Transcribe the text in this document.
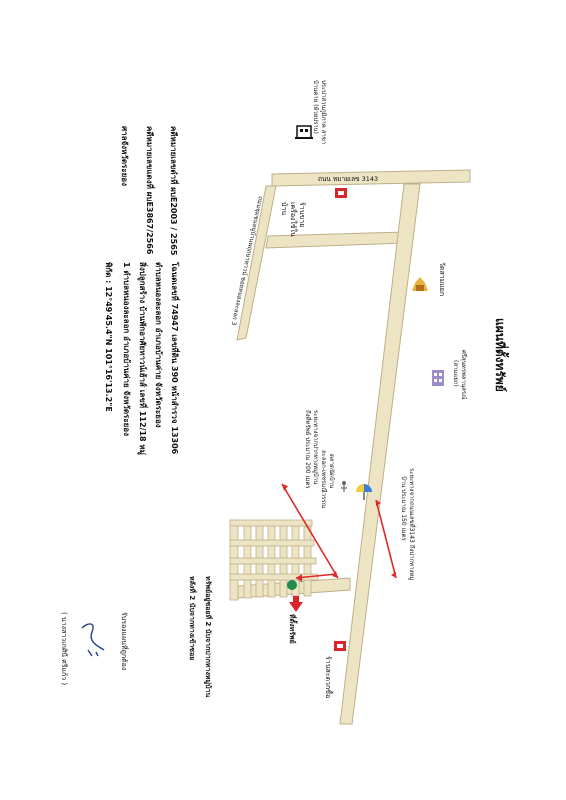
แผนที่ตั้งทรัพย์
คดีหมายเลขดำที่ ผบE2003 / 2565
คดีหมายเลขแดงที่ ผบE3867/2566
ศาลจังหวัดระยอง
โฉนดเลขที่ 74947 เลขที่ดิน 390 หน้าสำรวจ 13306
ตำบลหนองละลอก อำเภอบ้านค่าย จังหวัดระยอง
สิ่งปลูกสร้าง บ้านพักอาศัยทาวน์เฮ้าส์ เลขที่ 112/18 หมู่
1 ตำบลหนองละลอก อำเภอบ้านค่าย จังหวัดระยอง
พิกัด : 12°49'45.4"N 101°16'13.2"E
ถนน หมายเลข 3143
ถนนชุมชนหมู่บ้านพฤกษาทาวน์ ซอยหนองละลอก 3
ประปาส่วนภูมิภาค สาขา
บ้านค่าย (ห้วยปราบ)
ร้านขาย
เครื่องใช้ใน
บ้าน
วัดสามแยก
ศรีสุนทรพลานุสรณ์
(สามแยก)
ตลาดนัดบ้าน
ละลอก-เพชรมณีวรรณ
ระยะทางจากปากทางหมู่บ้าน
ถึงที่ทรัพย์ ประมาณ 200 เมตร
ระยะทางจากถนนเลขที่3143 ถึงปากทางหมู่
บ้าน ประมาณ 150 เมตร
ที่ตั้งทรัพย์
ร้านสะดวกซื้อ
ทรัพย์อยู่ซอยที่ 2 นับจากปากทางหมู่บ้าน
หลังที่ 2 นับจากทางเข้าซอย
รับรองแผนที่ถูกต้อง
( นางสาวเกศินี ศรีแก้ว )
